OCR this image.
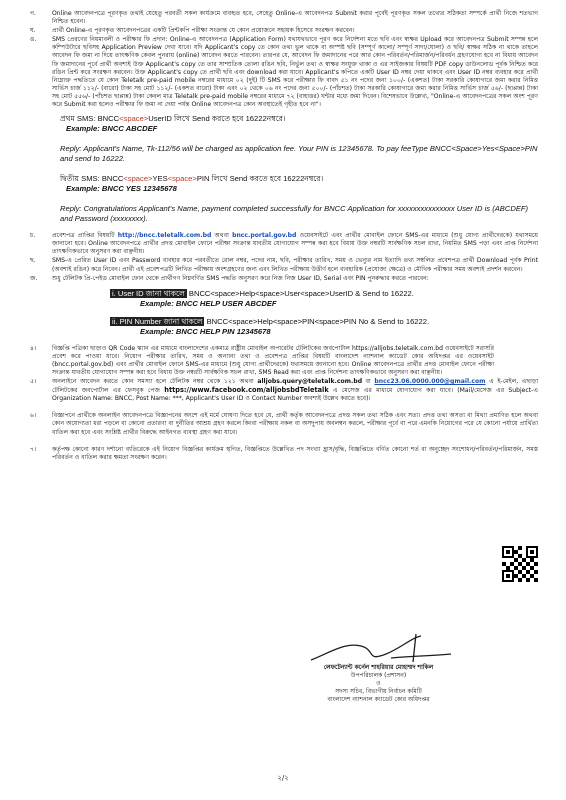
গ.	Online আবেদনপত্রে পূরণকৃত তথ্যই যেহেতু পরবর্তী সকল কার্যক্রমে ব্যবহৃত হবে, সেহেতু Online-এ আবেদনপত্র Submit করার পূর্বেই পূরণকৃত সকল তথ্যের সঠিকতা সম্পর্কে প্রার্থী নিজে শতভাগ নিশ্চিত হবেন।
ঘ.	প্রার্থী Online-এ পূরণকৃত আবেদনপত্রের একটি প্রিন্টকপি পরীক্ষা সংক্রান্ত যে কোন প্রয়োজনে সহায়ক হিসেবে সংরক্ষণ করবেন।
ঙ.	SMS প্রেরণের নিয়মাবলী ও পরীক্ষার ফি প্রদান: Online-এ আবেদনপত্র (Application Form) যথাযথভাবে পূরণ করে নির্দেশনা মতে ছবি এবং স্বাক্ষর Upload করে আবেদনপত্র Submit সম্পন্ন হলে কম্পিউটারে ছবিসহ Application Preview দেখা যাবে। যদি Applicant's copy তে কোন তথ্য ভুল থাকে বা অস্পষ্ট ছবি (সম্পূর্ণ কালো/ সম্পূর্ণ সাদা/ঘোলা) ও ছবি/ স্বাক্ষর সঠিক না থাকে তাহলে আবেদন ফি জমা না দিয়ে তাৎক্ষণিক কেবল পুনরায় (online) আবেদন করতে পারবেন। তারপর যে, আবেদন ফি জমাদানের পরে আর কোন পরিবর্তন/পরিমার্জন/পরিবর্ধন গ্রহণযোগ্য হবে না বিধায় আবেদন ফি জমাদানের পূর্বে প্রার্থী অবশ্যই উক্ত Applicant's copy তে তার সাম্প্রতিক তোলা রঙিন ছবি, নির্ভুল তথ্য ও স্বাক্ষর সংযুক্ত থাকা ও এর সাইজকার বিষয়টি PDF copy ডাউনলোড পূর্বক নিশ্চিত করে রঙিন প্রিন্ট করে সংরক্ষণ করবেন। উক্ত Applicant's copy তে প্রার্থী ছবি এবং download করা যাবে। Applicant's কপিতে একটি User ID নম্বর দেয়া থাকবে এবং User ID নম্বর ব্যবহার করে প্রার্থী নিম্নোক্ত পদ্ধতিতে যে কোন Teletalk pre-paid mobile নম্বরের মাধ্যমে ০২ (দুই) টি SMS করে পরীক্ষার ফি বাবদ ৫১ নং পদের জন্য ১০০/- (একশত) টাকা সরকারি কোষাগারে জমা করার নিমিত্ত সার্ভিস চার্জ ১১২/- (বারো) টাকা সহ মোট ১১২/- (একশত বারো) টাকা এবং ০২ থেকে ০৬ নং পদের জন্য ৫০০/- (পাঁচশত) টাকা সরকারি কোষাগারে জমা করার নিমিত্ত সার্ভিস চার্জ ৫৬/- (ছাপ্পান্ন) টাকা সহ মোট ৫৫৬/- (পাঁচশত ছাপ্পান্ন) টাকা কেবল মাত্র Teletalk pre-paid mobile নম্বরের মাধ্যমে ৭২ (বাহাত্তর) ঘন্টার মধ্যে জমা দিবেন। বিশেষভাবে উল্লেখ্য, "Online-এ আবেদনপত্রের সকল অংশ পূরণ করে Submit করা হলেও পরীক্ষার ফি জমা না দেয়া পর্যন্ত Online আবেদনপত্র কোন অবস্থাতেই গৃহীত হবে না"।
প্রথম SMS: BNCC<space>UserID লিখে Send করতে হবে 16222নম্বরে।
Example: BNCC ABCDEF
Reply: Applicant's Name, Tk-112/56 will be charged as application fee. Your PIN is 12345678. To pay feeType BNCC<Space>Yes<Space>PIN and send to 16222.
দ্বিতীয় SMS: BNCC<space>YES<space>PIN লিখে Send করতে হবে 16222নম্বরে।
Example: BNCC YES 12345678
Reply: Congratulations Applicant's Name, payment completed successfully for BNCC Application for xxxxxxxxxxxxxxx User ID is (ABCDEF) and Password (xxxxxxxx).
চ.	প্রবেশপত্র প্রাপ্তির বিষয়টি http://bncc.teletalk.com.bd অথবা bncc.portal.gov.bd ওয়েবসাইটে এবং প্রার্থীর মোবাইল ফোনে SMS-এর মাধ্যমে (শুধু যোগ্য প্রার্থীদেরকে) যথাসময়ে জানানো হবে। Online আবেদনপত্রে প্রার্থীর প্রদত্ত মোবাইল ফোনে পরীক্ষা সংক্রান্ত যাবতীয় যোগাযোগ সম্পন্ন করা হবে বিধায় উক্ত নম্বরটি সার্বক্ষণিক সচল রাখা, নিয়মিত SMS পড়া এবং প্রাপ্ত নির্দেশনা তাৎক্ষণিকভাবে অনুসরণ করা বাঞ্ছনীয়।
ছ.	SMS-এ প্রেরিত User ID এবং Password ব্যবহার করে পরবর্তীতে রোল নম্বর, পদের নাম, ছবি, পরীক্ষার তারিখ, সময় ও ভেন্যুর নাম ইত্যাদি তথ্য সম্বলিত প্রবেশপত্র প্রার্থী Download পূর্বক Print (অবশ্যই রঙিন) করে নিবেন। প্রার্থী এই প্রবেশপত্রটি লিখিত পরীক্ষায় অংশগ্রহণের জন্য এবং লিখিত পরীক্ষায় উত্তীর্ণ হলে ব্যবহারিক (প্রযোজ্য ক্ষেত্রে) ও মৌখিক পরীক্ষার সময় অবশ্যই প্রদর্শন করবেন।
জ.	শুধু টেলিটক প্রি-পেইড মোবাইল ফোন থেকে প্রার্থীগণ নিম্নবর্ণিত SMS পদ্ধতি অনুসরণ করে নিজ নিজ User ID, Serial এবং PIN পুনরুদ্ধার করতে পারবেন:
i. User ID জানা থাকলে BNCC<space>Help<space>User<space>UserID & Send to 16222.
Example: BNCC HELP USER ABCDEF
ii. PIN Number জানা থাকলে BNCC<space>Help<space>PIN<space>PIN No & Send to 16222.
Example: BNCC HELP PIN 12345678
৪।	বিজ্ঞপ্তি পত্রিকা ছাড়াও QR Code স্ক্যান এর মাধ্যমে বাংলাদেশের একমাত্র রাষ্ট্রীয় মোবাইল অপারেটর টেলিটকের জবপোর্টাল https://alljobs.teletalk.com.bd ওয়েবসাইটে সরাসরি প্রবেশ করে পাওয়া যাবে। নিয়োগ পরীক্ষার তারিখ, সময় ও অন্যান্য তথ্য ও প্রবেশপত্র প্রাপ্তির বিষয়টি বাংলাদেশ ন্যাশনাল ক্যাডেট কোর অধিদপ্তর এর ওয়েবসাইট (bncc.portal.gov.bd) এবং প্রার্থীর মোবাইল ফোনে SMS-এর মাধ্যমে (শুধু যোগ্য প্রার্থীদেরকে) যথাসময়ে জানানো হবে। Online আবেদনপত্রে প্রার্থীর প্রদত্ত মোবাইল ফোনে পরীক্ষা সংক্রান্ত যাবতীয় যোগাযোগ সম্পন্ন করা হবে বিধায় উক্ত নম্বরটি সার্বক্ষণিক সচল রাখা, SMS Read করা এবং প্রাপ্ত নির্দেশনা তাৎক্ষণিকভাবে অনুসরণ করা বাঞ্ছনীয়।
৫।	অনলাইনে আবেদন করতে কোন সমস্যা হলে টেলিটক নম্বর থেকে ১২১ অথবা alljobs.query@teletalk.com.bd বা bncc23.06.0000.000@gmail.com এ ই-মেইল, এছাড়া টেলিটকের জবপোর্টাল এর ফেসবুক পেজ https://www.facebook.com/alljobsbdTeletalk এ মেসেজ এর মাধ্যমে যোগাযোগ করা যাবে। (Mail/মেসেজ এর Subject-এ Organization Name: BNCC, Post Name: ***, Applicant's User ID ও Contact Number অবশ্যই উল্লেখ করতে হবে)।
৬।	বিজ্ঞাপনে প্রার্থীকে অনলাইন আবেদনপত্রে বিজ্ঞাপনের অংশে এই মর্মে ঘোষণা দিতে হবে যে, প্রার্থী কর্তৃক আবেদনপত্রে প্রদত্ত সকল তথ্য সঠিক এবং সত্য। প্রদত্ত তথ্য অসত্য বা মিথ্যা প্রমাণিত হলে অথবা কোন অযোগ্যতা ধরা পড়লে বা কোনো প্রতারণা বা দুর্নীতির আশ্রয় গ্রহণ করলে কিংবা পরীক্ষায় নকল বা অসদুপায় অবলম্বন করলে, পরীক্ষার পূর্বে বা পরে এমনকি নিয়োগের পরে যে কোনো পর্যায়ে প্রার্থিতা বাতিল করা হবে এবং সংশ্লিষ্ট প্রার্থীর বিরুদ্ধে আইনগত ব্যবস্থা গ্রহণ করা যাবে।
৭।	কর্তৃপক্ষ কোনো কারণ দর্শানো ব্যতিরেকে এই নিয়োগ বিজ্ঞপ্তির কার্যক্রম স্থগিত, বিজ্ঞপ্তিতে উল্লেখিত পদ সংখ্যা হ্রাস/বৃদ্ধি, বিজ্ঞপ্তিতে বর্ণিত কোনো শর্ত বা অনুচ্ছেদ সংশোধন/পরিবর্তন/পরিমার্জন, সমস্ত পরিবর্তন ও বাতিল করার ক্ষমতা সংরক্ষণ করেন।
লেফটেন্যান্ট কর্নেল শাহরিয়ার মোহাম্মদ শাকিল
উপপরিচালক (প্রশাসন)
ও
সদস্য সচিব, বিভাগীয় নির্বাচন কমিটি
বাংলাদেশ ন্যাশনাল ক্যাডেট কোর অধিদপ্তর
২/২
